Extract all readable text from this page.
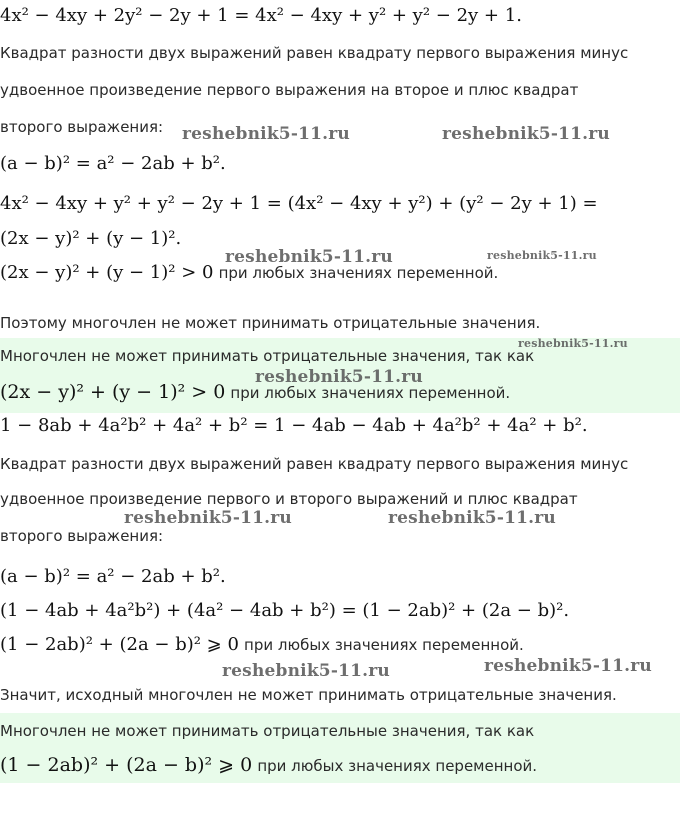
4x² − 4xy + 2y² − 2y + 1 = 4x² − 4xy + y² + y² − 2y + 1.
Квадрат разности двух выражений равен квадрату первого выражения минус
удвоенное произведение первого выражения на второе и плюс квадрат
второго выражения:
(a − b)² = a² − 2ab + b².
4x² − 4xy + y² + y² − 2y + 1 = (4x² − 4xy + y²) + (y² − 2y + 1) =
(2x − y)² + (y − 1)².
(2x − y)² + (y − 1)² > 0 при любых значениях переменной.
Поэтому многочлен не может принимать отрицательные значения.
Многочлен не может принимать отрицательные значения, так как
(2x − y)² + (y − 1)² > 0 при любых значениях переменной.
1 − 8ab + 4a²b² + 4a² + b² = 1 − 4ab − 4ab + 4a²b² + 4a² + b².
Квадрат разности двух выражений равен квадрату первого выражения минус
удвоенное произведение первого и второго выражений и плюс квадрат
второго выражения:
(a − b)² = a² − 2ab + b².
(1 − 4ab + 4a²b²) + (4a² − 4ab + b²) = (1 − 2ab)² + (2a − b)².
(1 − 2ab)² + (2a − b)² ⩾ 0 при любых значениях переменной.
Значит, исходный многочлен не может принимать отрицательные значения.
Многочлен не может принимать отрицательные значения, так как
(1 − 2ab)² + (2a − b)² ⩾ 0 при любых значениях переменной.
reshebnik5-11.ru	reshebnik5-11.ru
reshebnik5-11.ru	reshebnik5-11.ru
reshebnik5-11.ru
reshebnik5-11.ru
reshebnik5-11.ru	reshebnik5-11.ru
reshebnik5-11.ru	reshebnik5-11.ru
